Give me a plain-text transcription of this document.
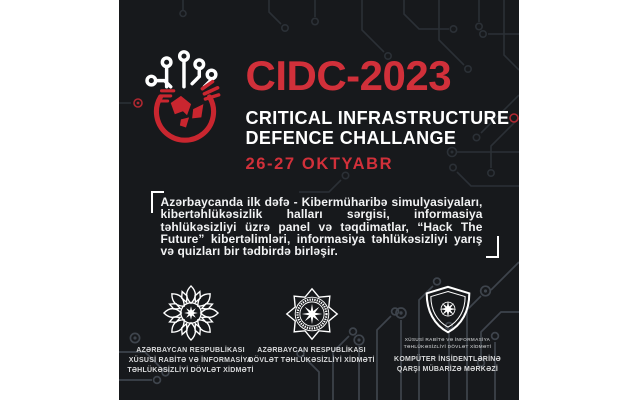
CIDC-2023
CRITICAL INFRASTRUCTURE
DEFENCE CHALLANGE
26-27 OKTYABR
Azərbaycanda ilk dəfə - Kibermüharibə simulyasiyaları, kibertəhlükəsizlik halları sərgisi, informasiya təhlükəsizliyi üzrə panel və təqdimatlar, “Hack The Future” kibertəlimləri, informasiya təhlükəsizliyi yarış və quizları bir tədbirdə birləşir.
AZƏRBAYCAN RESPUBLİKASI
XÜSUSİ RABİTƏ VƏ İNFORMASİYA
TƏHLÜKƏSİZLİYİ DÖVLƏT XİDMƏTİ
AZƏRBAYCAN RESPUBLİKASI
DÖVLƏT TƏHLÜKƏSİZLİYİ XİDMƏTİ
XÜSUSİ RABİTƏ VƏ İNFORMASİYA
TƏHLÜKƏSİZLİYİ DÖVLƏT XİDMƏTİ
KOMPÜTER İNSİDENTLƏRİNƏ
QARŞI MÜBARİZƏ MƏRKƏZİ
